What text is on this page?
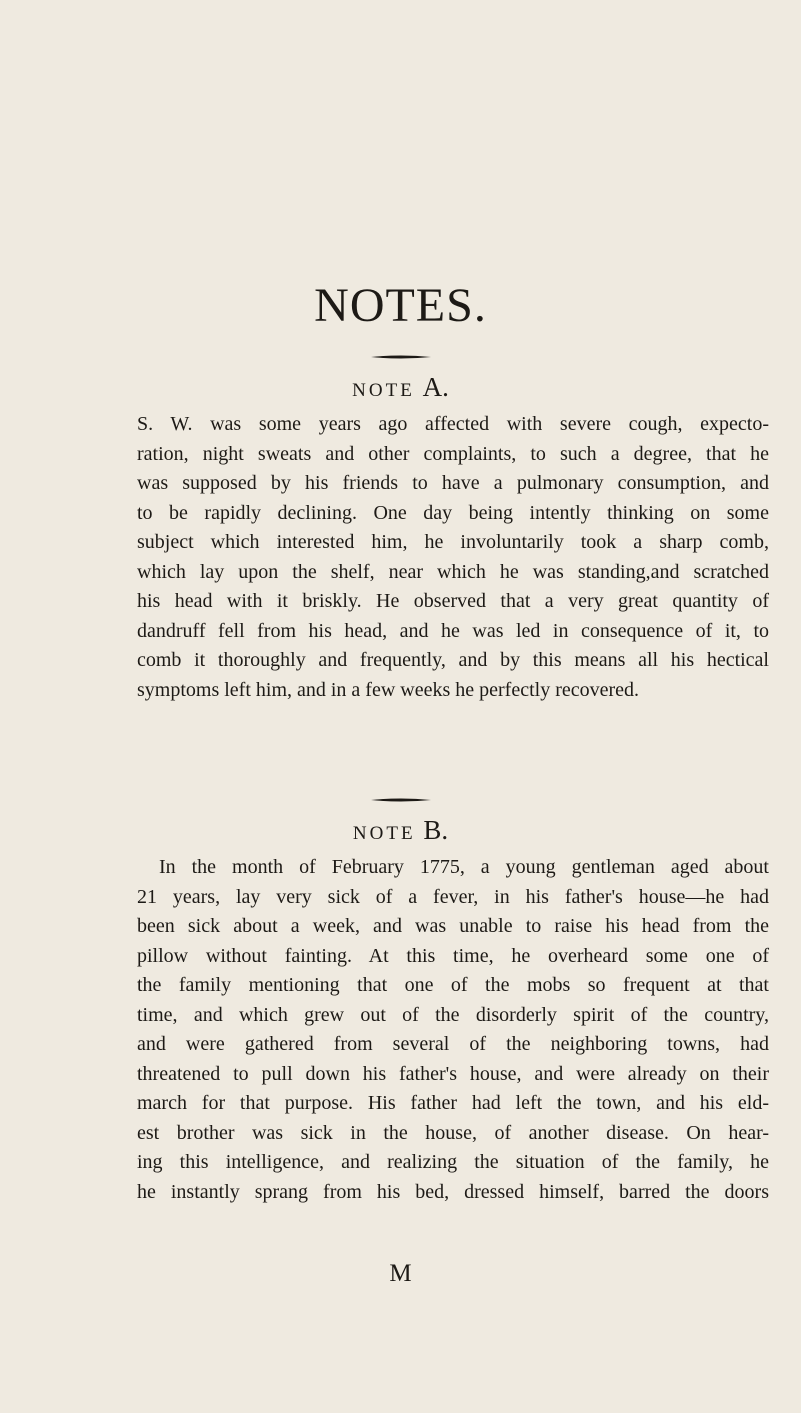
NOTES.
NOTE A.
S. W. was some years ago affected with severe cough, expecto-
ration, night sweats and other complaints, to such a degree, that he
was supposed by his friends to have a pulmonary consumption, and
to be rapidly declining. One day being intently thinking on some
subject which interested him, he involuntarily took a sharp comb,
which lay upon the shelf, near which he was standing,and scratched
his head with it briskly. He observed that a very great quantity of
dandruff fell from his head, and he was led in consequence of it, to
comb it thoroughly and frequently, and by this means all his hectical
symptoms left him, and in a few weeks he perfectly recovered.
NOTE B.
In the month of February 1775, a young gentleman aged about
21 years, lay very sick of a fever, in his father's house—he had
been sick about a week, and was unable to raise his head from the
pillow without fainting. At this time, he overheard some one of
the family mentioning that one of the mobs so frequent at that
time, and which grew out of the disorderly spirit of the country,
and were gathered from several of the neighboring towns, had
threatened to pull down his father's house, and were already on their
march for that purpose. His father had left the town, and his eld-
est brother was sick in the house, of another disease. On hear-
ing this intelligence, and realizing the situation of the family, he
he instantly sprang from his bed, dressed himself, barred the doors
M
